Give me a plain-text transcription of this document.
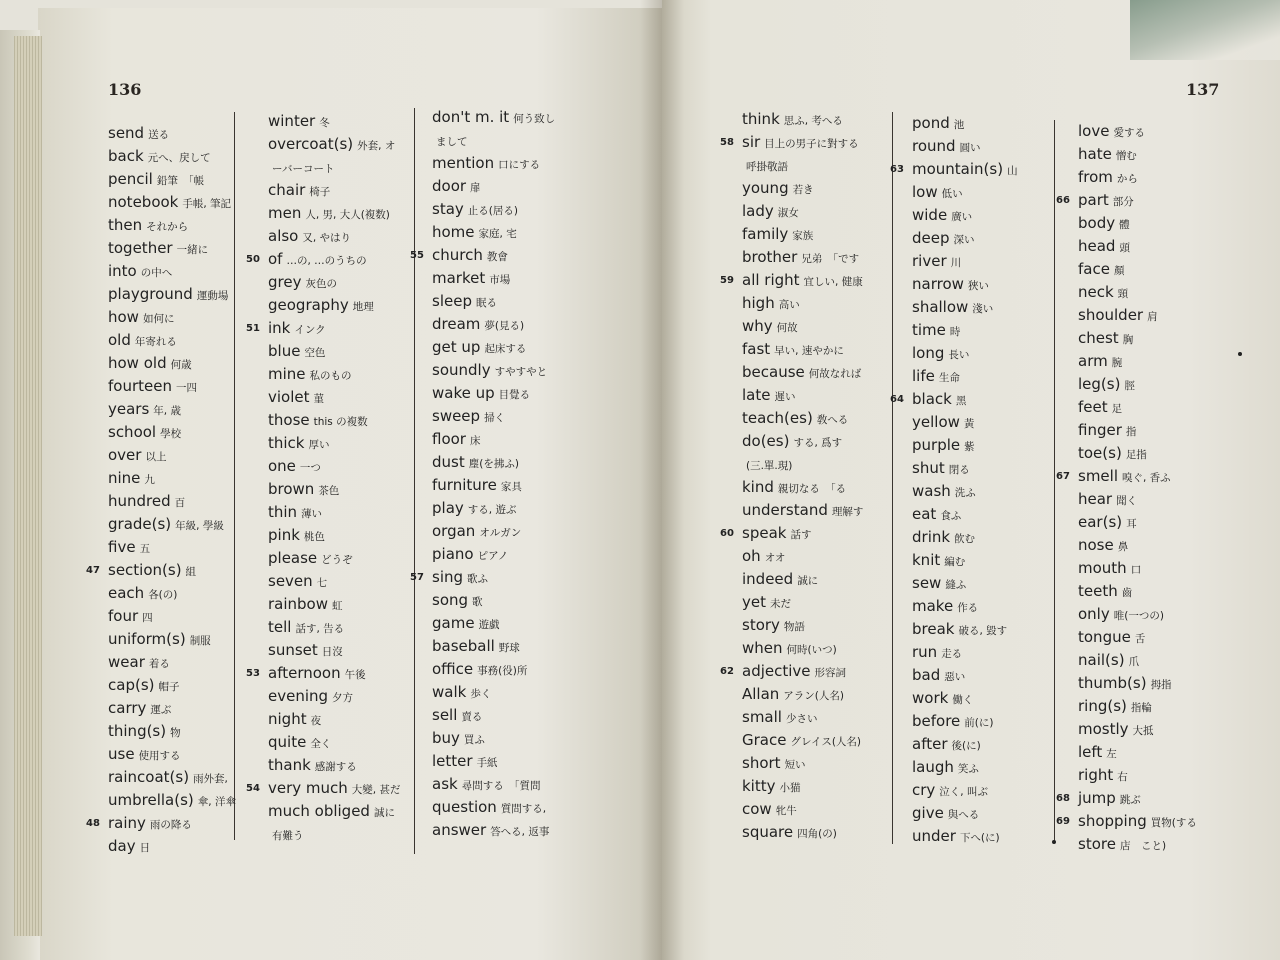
136	137
send 送る
back 元へ、戻して
pencil 鉛筆　「帳
notebook 手帳, 筆記
then それから
together 一緒に
into の中へ
playground 運動場
how 如何に
old 年寄れる
how old 何歳
fourteen 一四
years 年, 歳
school 學校
over 以上
nine 九
hundred 百
grade(s) 年級, 學級
five 五
47 section(s) 組
each 各(の)
four 四
uniform(s) 制服
wear 着る
cap(s) 帽子
carry 運ぶ
thing(s) 物
use 使用する
raincoat(s) 雨外套,
umbrella(s) 傘, 洋傘
48 rainy 雨の降る
day 日
winter 冬
overcoat(s) 外套, オ
ーバーコート
chair 椅子
men 人, 男, 大人(複数)
also 又, やはり
50 of …の, …のうちの
grey 灰色の
geography 地理
51 ink インク
blue 空色
mine 私のもの
violet 菫
those this の複数
thick 厚い
one 一つ
brown 茶色
thin 薄い
pink 桃色
please どうぞ
seven 七
rainbow 虹
tell 話す, 告る
sunset 日沒
53 afternoon 午後
evening 夕方
night 夜
quite 全く
thank 感謝する
54 very much 大變, 甚だ
much obliged 誠に
有難う
don't m. it 何う致し
まして
mention 口にする
door 扉
stay 止る(居る)
home 家庭, 宅
55 church 教會
market 市場
sleep 眠る
dream 夢(見る)
get up 起床する
soundly すやすやと
wake up 目覺る
sweep 掃く
floor 床
dust 塵(を拂ふ)
furniture 家具
play する, 遊ぶ
organ オルガン
piano ピアノ
57 sing 歌ふ
song 歌
game 遊戯
baseball 野球
office 事務(役)所
walk 歩く
sell 賣る
buy 買ふ
letter 手紙
ask 尋問する　「質問
question 質問する,
answer 答へる, 返事
think 思ふ, 考へる
58 sir 目上の男子に對する
呼掛敬語
young 若き
lady 淑女
family 家族
brother 兄弟　「です
59 all right 宜しい, 健康
high 高い
why 何故
fast 早い, 速やかに
because 何故なれば
late 遲い
teach(es) 敎へる
do(es) する, 爲す
(三.單.現)
kind 親切なる　「る
understand 理解す
60 speak 話す
oh オオ
indeed 誠に
yet 未だ
story 物語
when 何時(いつ)
62 adjective 形容詞
Allan アラン(人名)
small 少さい
Grace グレイス(人名)
short 短い
kitty 小猫
cow 牝牛
square 四角(の)
pond 池
round 圓い
63 mountain(s) 山
low 低い
wide 廣い
deep 深い
river 川
narrow 狹い
shallow 淺い
time 時
long 長い
life 生命
64 black 黑
yellow 黃
purple 紫
shut 閉る
wash 洗ふ
eat 食ふ
drink 飮む
knit 編む
sew 縫ふ
make 作る
break 破る, 毀す
run 走る
bad 惡い
work 働く
before 前(に)
after 後(に)
laugh 笑ふ
cry 泣く, 叫ぶ
give 與へる
under 下へ(に)
love 愛する
hate 憎む
from から
66 part 部分
body 體
head 頭
face 顏
neck 頸
shoulder 肩
chest 胸
arm 腕
leg(s) 脛
feet 足
finger 指
toe(s) 足指
67 smell 嗅ぐ, 香ふ
hear 聞く
ear(s) 耳
nose 鼻
mouth 口
teeth 齒
only 唯(一つの)
tongue 舌
nail(s) 爪
thumb(s) 拇指
ring(s) 指輪
mostly 大抵
left 左
right 右
68 jump 跳ぶ
69 shopping 買物(する
store 店　こと)
